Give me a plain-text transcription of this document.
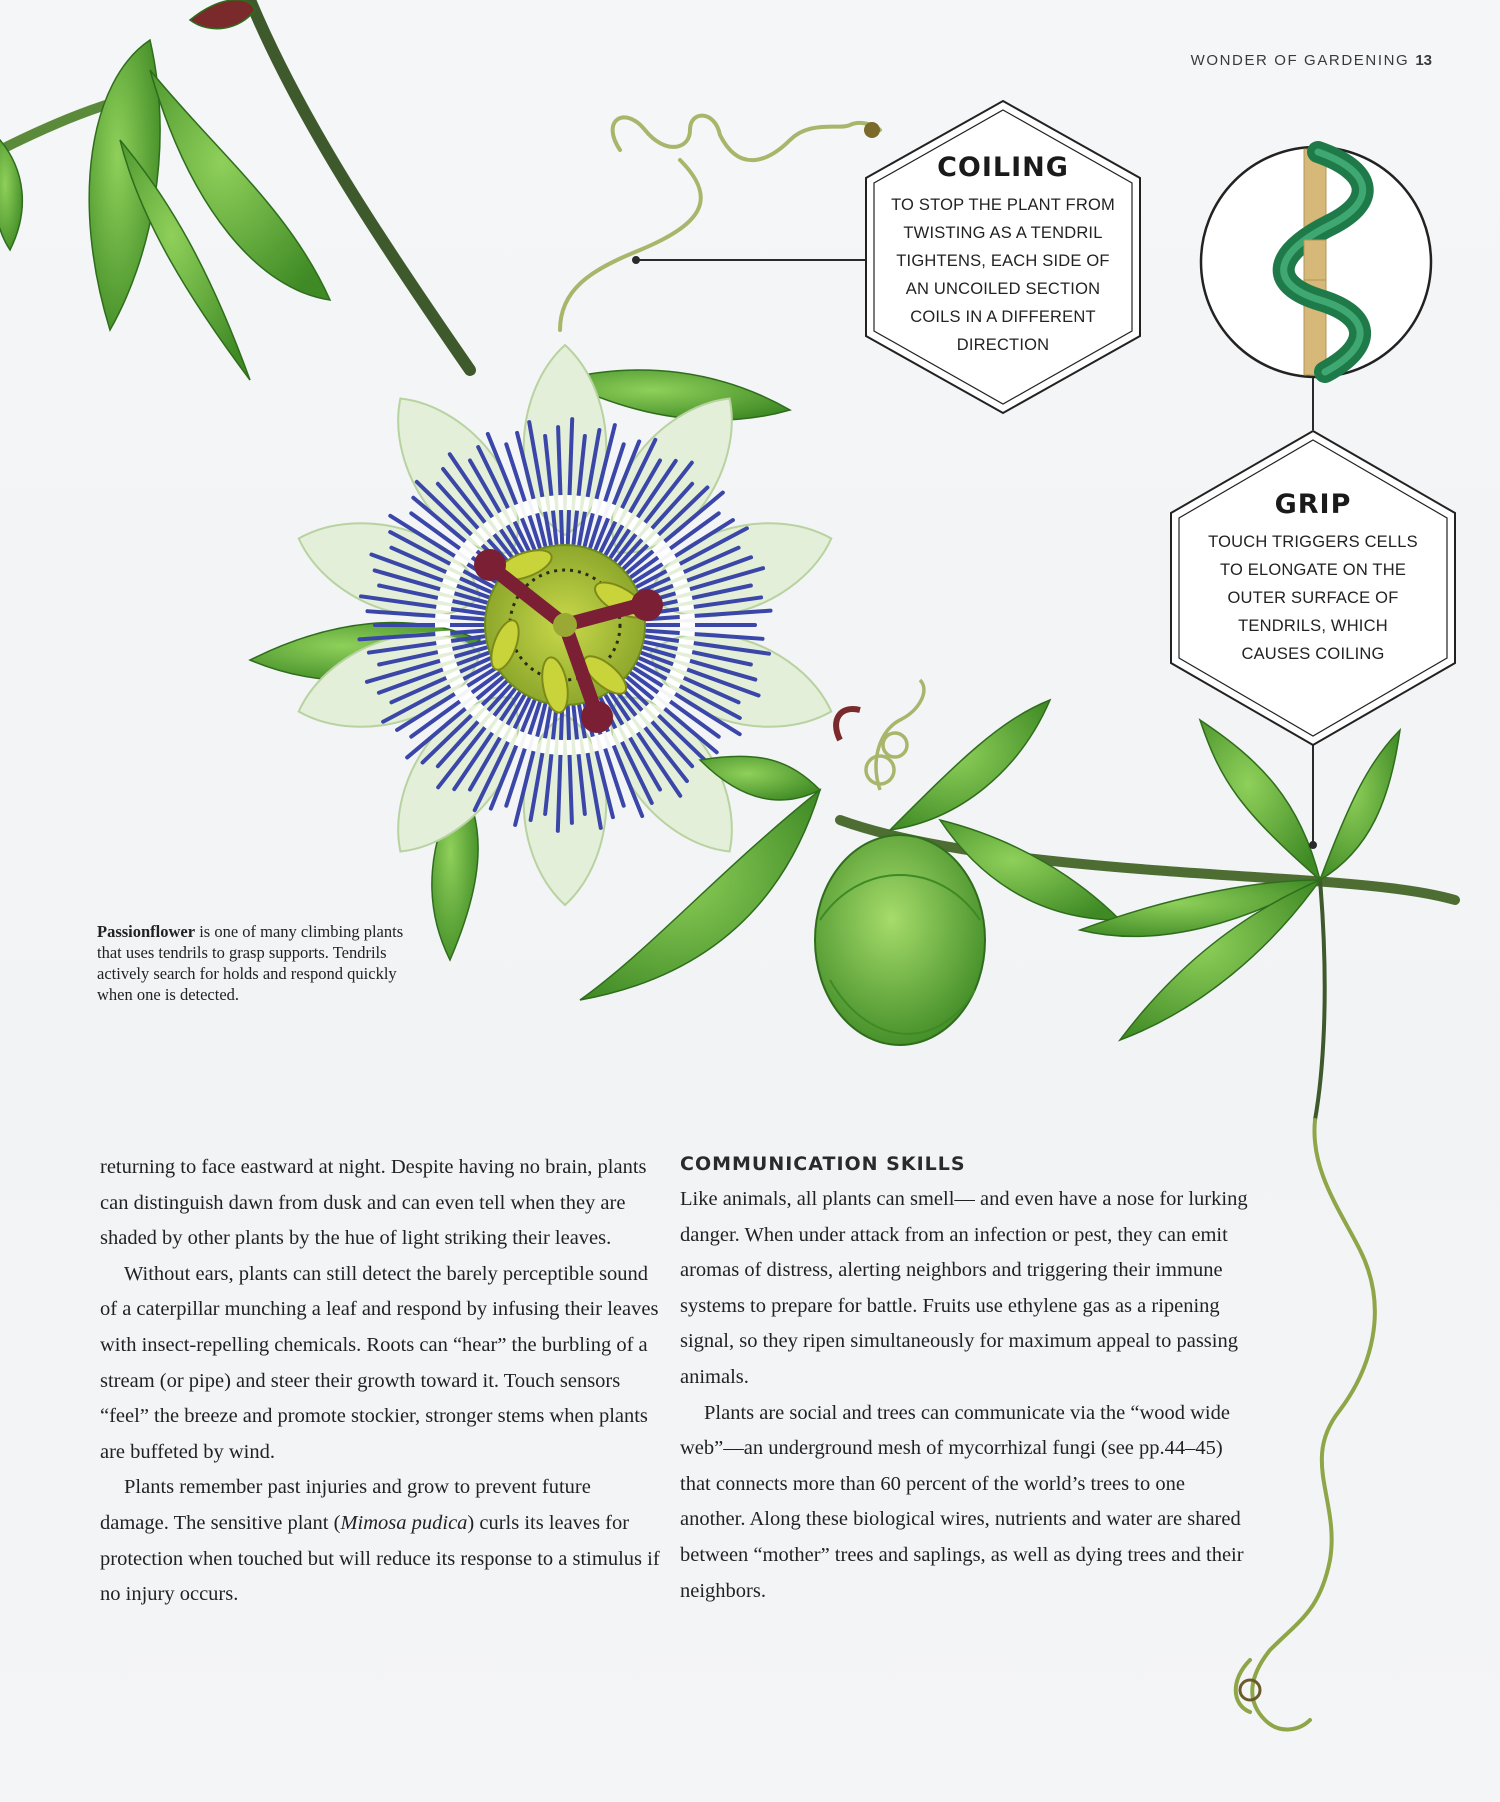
WONDER OF GARDENING 13
COILING
TO STOP THE PLANT FROM
TWISTING AS A TENDRIL
TIGHTENS, EACH SIDE OF
AN UNCOILED SECTION
COILS IN A DIFFERENT
DIRECTION
GRIP
TOUCH TRIGGERS CELLS
TO ELONGATE ON THE
OUTER SURFACE OF
TENDRILS, WHICH
CAUSES COILING
Passionflower is one of many climbing plants that uses tendrils to grasp supports. Tendrils actively search for holds and respond quickly when one is detected.

returning to face eastward at night. Despite having no brain, plants can distinguish dawn from dusk and can even tell when they are shaded by other plants by the hue of light striking their leaves.

Without ears, plants can still detect the barely perceptible sound of a caterpillar munching a leaf and respond by infusing their leaves with insect-repelling chemicals. Roots can “hear” the burbling of a stream (or pipe) and steer their growth toward it. Touch sensors “feel” the breeze and promote stockier, stronger stems when plants are buffeted by wind.

Plants remember past injuries and grow to prevent future damage. The sensitive plant (Mimosa pudica) curls its leaves for protection when touched but will reduce its response to a stimulus if no injury occurs.

COMMUNICATION SKILLS

Like animals, all plants can smell— and even have a nose for lurking danger. When under attack from an infection or pest, they can emit aromas of distress, alerting neighbors and triggering their immune systems to prepare for battle. Fruits use ethylene gas as a ripening signal, so they ripen simultaneously for maximum appeal to passing animals.

Plants are social and trees can communicate via the “wood wide web”—an underground mesh of mycorrhizal fungi (see pp.44–45) that connects more than 60 percent of the world’s trees to one another. Along these biological wires, nutrients and water are shared between “mother” trees and saplings, as well as dying trees and their neighbors.
